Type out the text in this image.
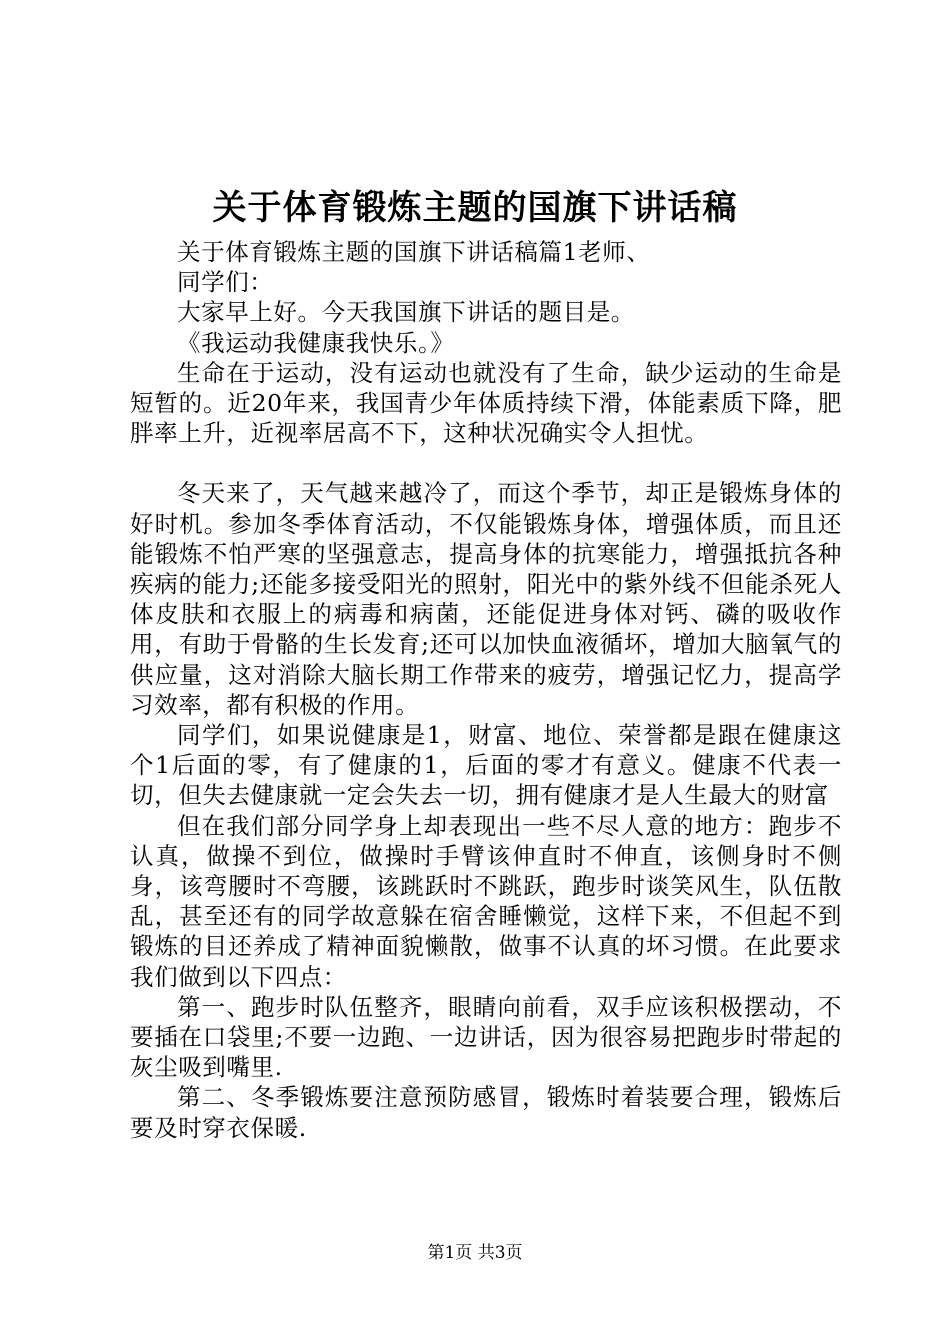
关于体育锻炼主题的国旗下讲话稿

关于体育锻炼主题的国旗下讲话稿篇1老师、

同学们：

大家早上好。今天我国旗下讲话的题目是。

《我运动我健康我快乐。》

生命在于运动，没有运动也就没有了生命，缺少运动的生命是短暂的。近20年来，我国青少年体质持续下滑，体能素质下降，肥胖率上升，近视率居高不下，这种状况确实令人担忧。

冬天来了，天气越来越冷了，而这个季节，却正是锻炼身体的好时机。参加冬季体育活动，不仅能锻炼身体，增强体质，而且还能锻炼不怕严寒的坚强意志，提高身体的抗寒能力，增强抵抗各种疾病的能力;还能多接受阳光的照射，阳光中的紫外线不但能杀死人体皮肤和衣服上的病毒和病菌，还能促进身体对钙、磷的吸收作用，有助于骨骼的生长发育;还可以加快血液循坏，增加大脑氧气的供应量，这对消除大脑长期工作带来的疲劳，增强记忆力，提高学习效率，都有积极的作用。

同学们，如果说健康是1，财富、地位、荣誉都是跟在健康这个1后面的零，有了健康的1，后面的零才有意义。健康不代表一切，但失去健康就一定会失去一切，拥有健康才是人生最大的财富

但在我们部分同学身上却表现出一些不尽人意的地方：跑步不认真，做操不到位，做操时手臂该伸直时不伸直，该侧身时不侧身，该弯腰时不弯腰，该跳跃时不跳跃，跑步时谈笑风生，队伍散乱，甚至还有的同学故意躲在宿舍睡懒觉，这样下来，不但起不到锻炼的目还养成了精神面貌懒散，做事不认真的坏习惯。在此要求我们做到以下四点：

第一、跑步时队伍整齐，眼睛向前看，双手应该积极摆动，不要插在口袋里;不要一边跑、一边讲话，因为很容易把跑步时带起的灰尘吸到嘴里.

第二、冬季锻炼要注意预防感冒，锻炼时着装要合理，锻炼后要及时穿衣保暖.

第1页 共3页
